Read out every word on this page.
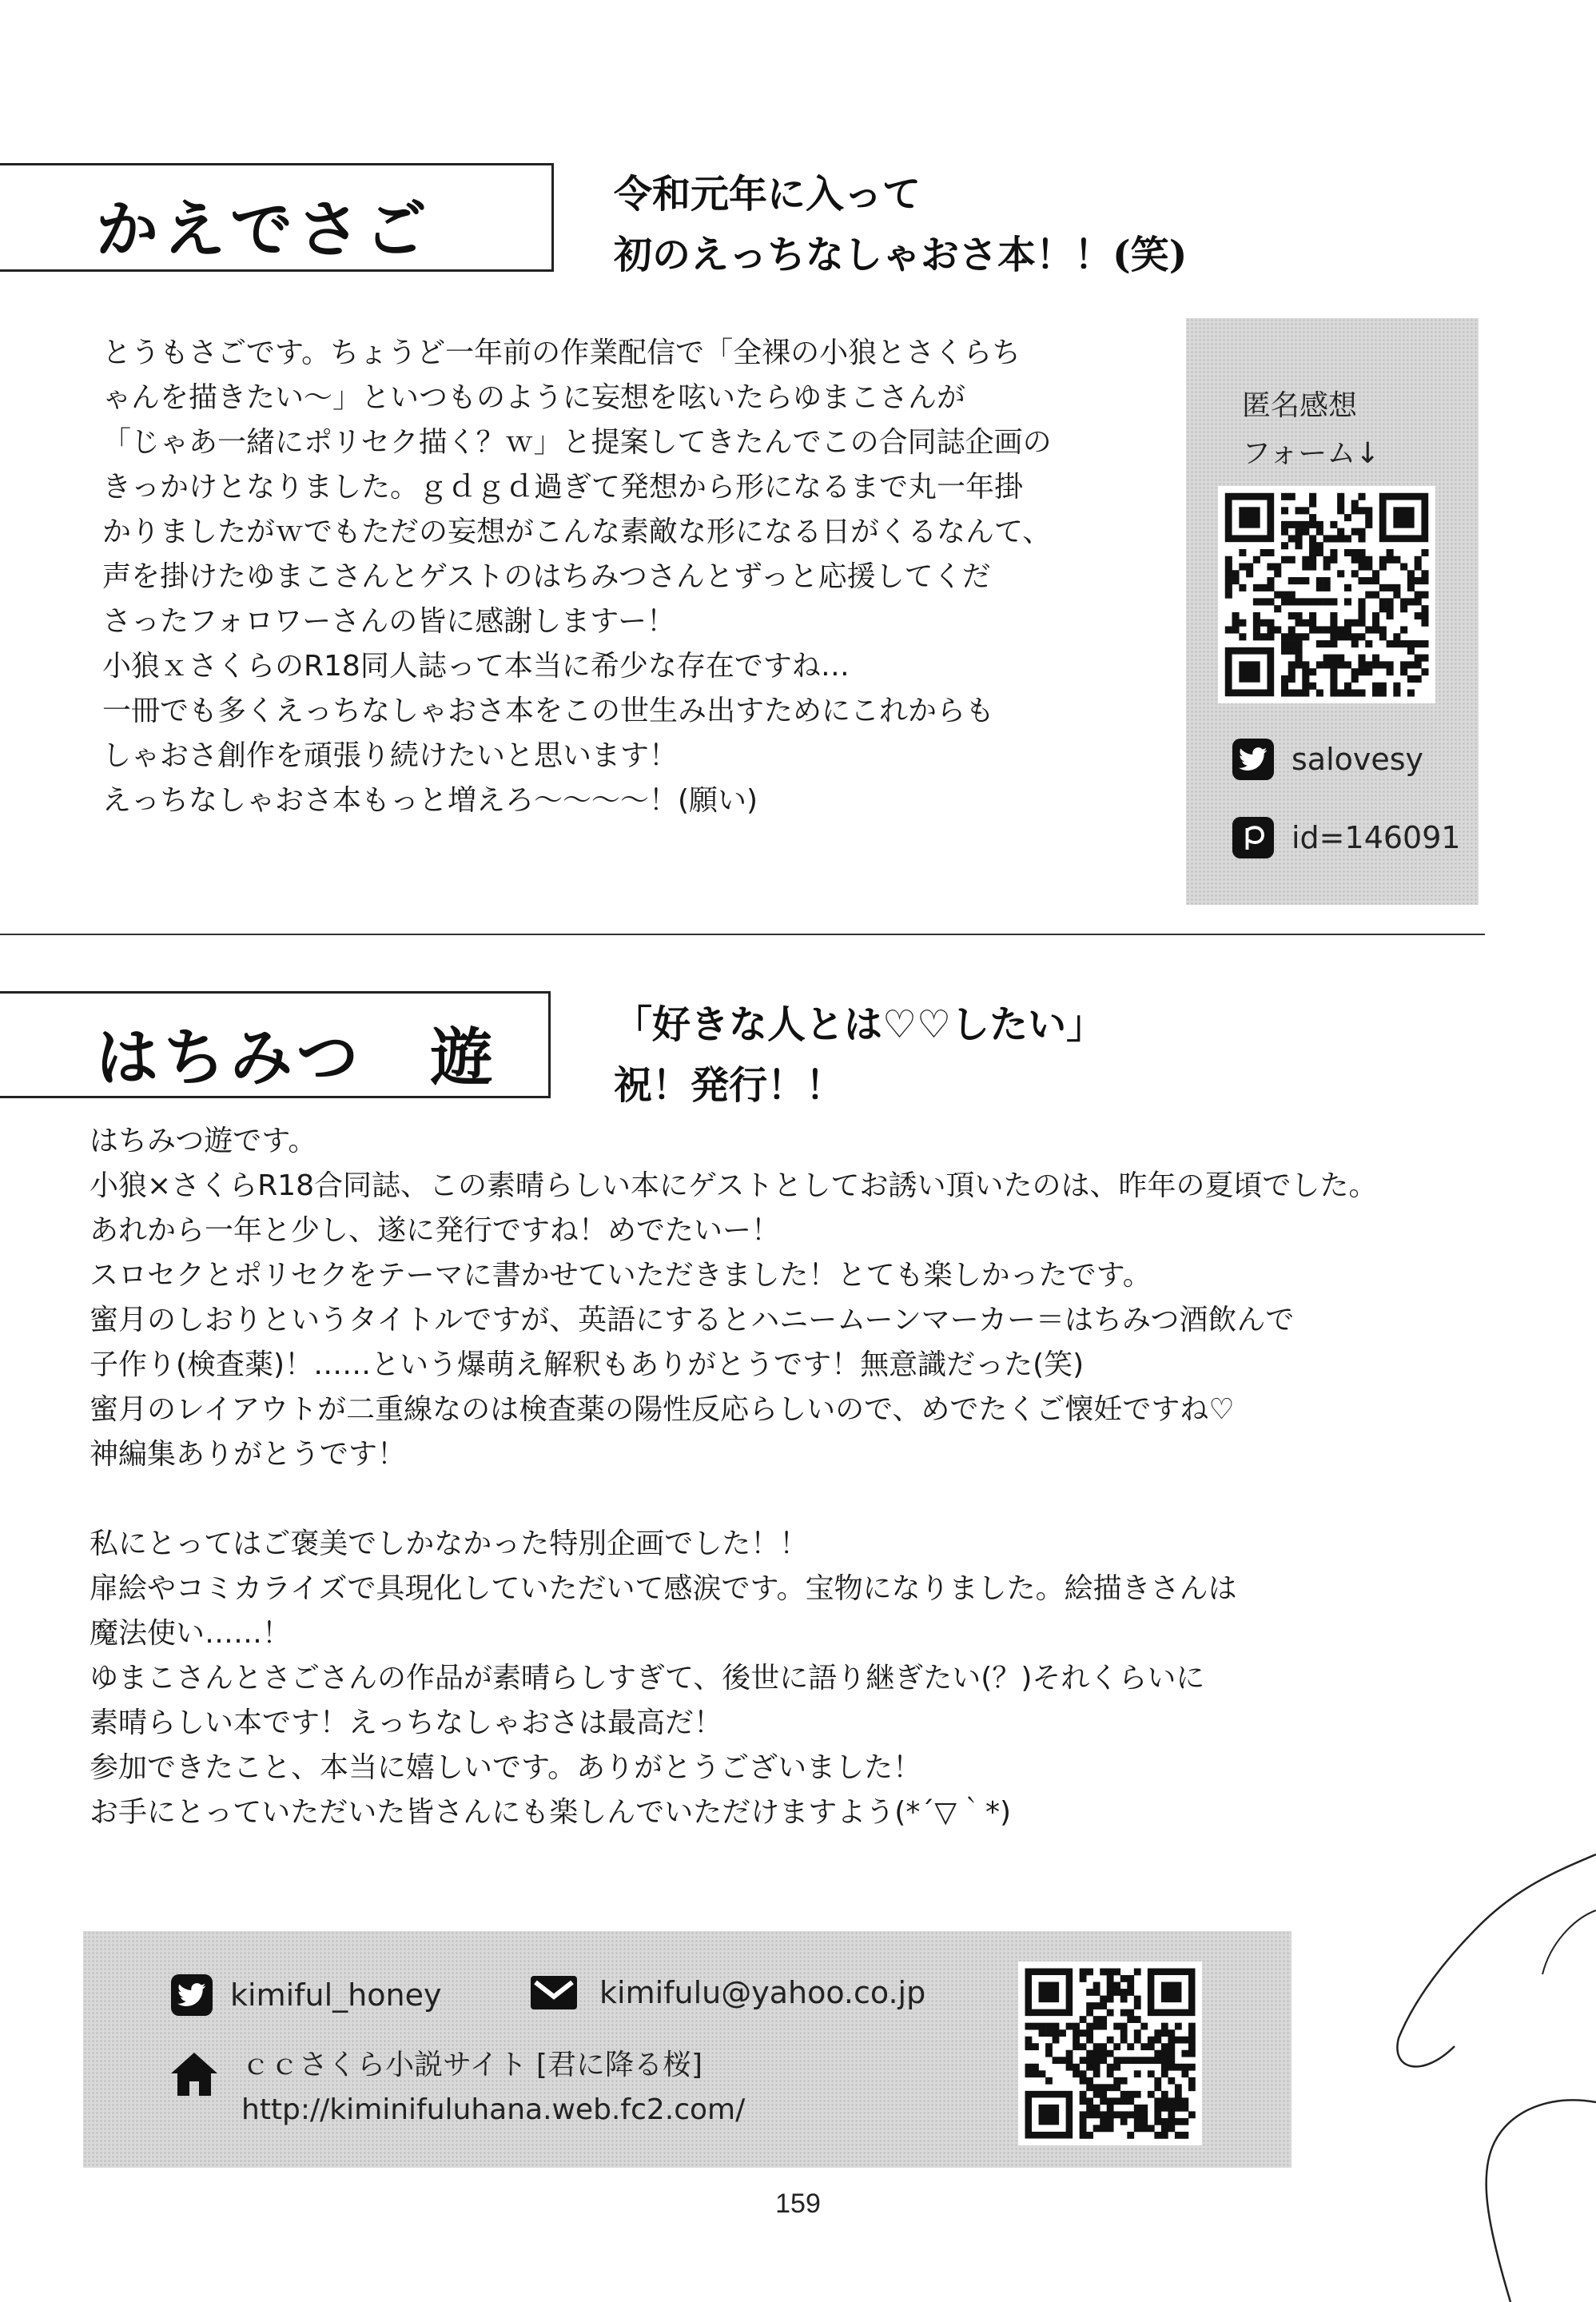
かえでさご	令和元年に入って
初のえっちなしゃおさ本！！(笑)
とうもさごです。ちょうど一年前の作業配信で「全裸の小狼とさくらち
ゃんを描きたい〜」といつものように妄想を呟いたらゆまこさんが
「じゃあ一緒にポリセク描く？ｗ」と提案してきたんでこの合同誌企画の
きっかけとなりました。ｇｄｇｄ過ぎて発想から形になるまで丸一年掛
かりましたがｗでもただの妄想がこんな素敵な形になる日がくるなんて、
声を掛けたゆまこさんとゲストのはちみつさんとずっと応援してくだ
さったフォロワーさんの皆に感謝しますー！
小狼ｘさくらのR18同人誌って本当に希少な存在ですね…
一冊でも多くえっちなしゃおさ本をこの世生み出すためにこれからも
しゃおさ創作を頑張り続けたいと思います！
えっちなしゃおさ本もっと増えろ〜〜〜〜！(願い)
匿名感想
フォーム↓
salovesy
id=146091
はちみつ　遊	「好きな人とは♡♡したい」
祝！発行！！
はちみつ遊です。
小狼×さくらR18合同誌、この素晴らしい本にゲストとしてお誘い頂いたのは、昨年の夏頃でした。
あれから一年と少し、遂に発行ですね！めでたいー！
スロセクとポリセクをテーマに書かせていただきました！とても楽しかったです。
蜜月のしおりというタイトルですが、英語にするとハニームーンマーカー＝はちみつ酒飲んで
子作り(検査薬)！……という爆萌え解釈もありがとうです！無意識だった(笑)
蜜月のレイアウトが二重線なのは検査薬の陽性反応らしいので、めでたくご懐妊ですね♡
神編集ありがとうです！
私にとってはご褒美でしかなかった特別企画でした！！
扉絵やコミカライズで具現化していただいて感涙です。宝物になりました。絵描きさんは
魔法使い……！
ゆまこさんとさごさんの作品が素晴らしすぎて、後世に語り継ぎたい(？)それくらいに
素晴らしい本です！えっちなしゃおさは最高だ！
参加できたこと、本当に嬉しいです。ありがとうございました！
お手にとっていただいた皆さんにも楽しんでいただけますよう(*´▽｀*)
kimiful_honey	kimifulu@yahoo.co.jp
ｃｃさくら小説サイト [君に降る桜]
http://kiminifuluhana.web.fc2.com/
159
